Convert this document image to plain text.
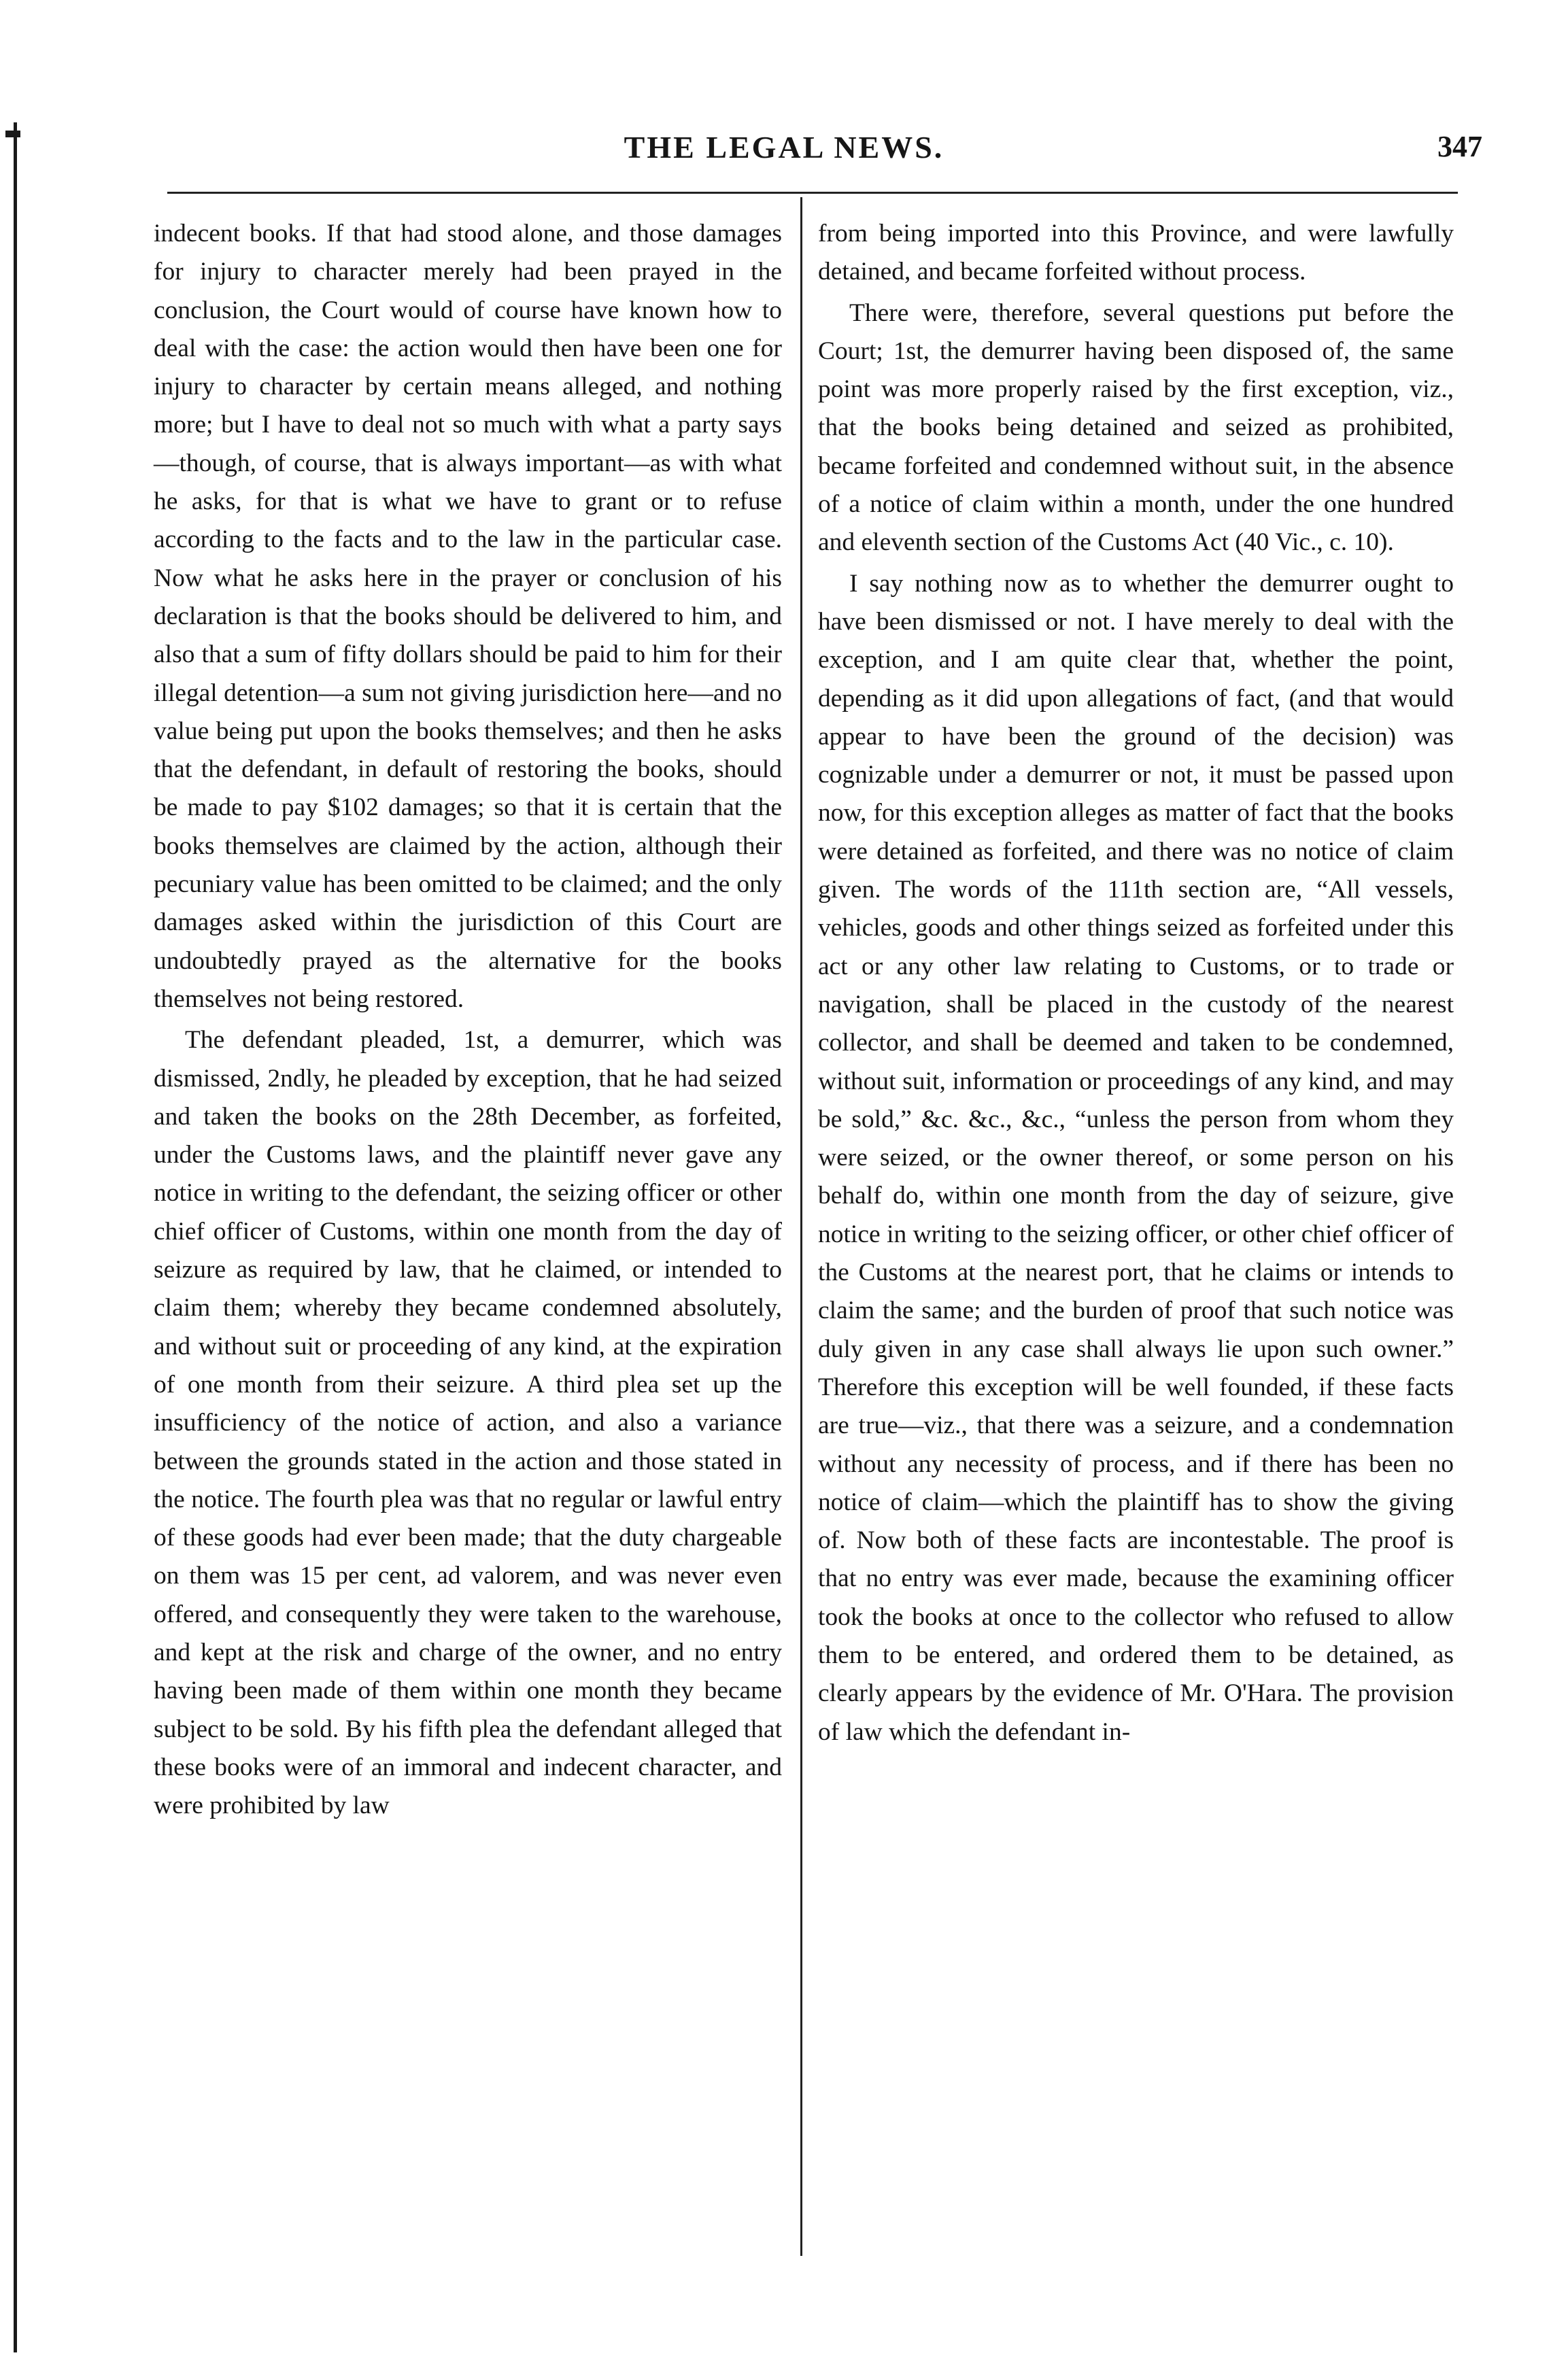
THE LEGAL NEWS.	347

indecent books. If that had stood alone, and those damages for injury to character merely had been prayed in the conclusion, the Court would of course have known how to deal with the case: the action would then have been one for injury to character by certain means alleged, and nothing more; but I have to deal not so much with what a party says—though, of course, that is always important—as with what he asks, for that is what we have to grant or to refuse according to the facts and to the law in the particular case. Now what he asks here in the prayer or conclusion of his declaration is that the books should be delivered to him, and also that a sum of fifty dollars should be paid to him for their illegal detention—a sum not giving jurisdiction here—and no value being put upon the books themselves; and then he asks that the defendant, in default of restoring the books, should be made to pay $102 damages; so that it is certain that the books themselves are claimed by the action, although their pecuniary value has been omitted to be claimed; and the only damages asked within the jurisdiction of this Court are undoubtedly prayed as the alternative for the books themselves not being restored.

The defendant pleaded, 1st, a demurrer, which was dismissed, 2ndly, he pleaded by exception, that he had seized and taken the books on the 28th December, as forfeited, under the Customs laws, and the plaintiff never gave any notice in writing to the defendant, the seizing officer or other chief officer of Customs, within one month from the day of seizure as required by law, that he claimed, or intended to claim them; whereby they became condemned absolutely, and without suit or proceeding of any kind, at the expiration of one month from their seizure. A third plea set up the insufficiency of the notice of action, and also a variance between the grounds stated in the action and those stated in the notice. The fourth plea was that no regular or lawful entry of these goods had ever been made; that the duty chargeable on them was 15 per cent, ad valorem, and was never even offered, and consequently they were taken to the warehouse, and kept at the risk and charge of the owner, and no entry having been made of them within one month they became subject to be sold. By his fifth plea the defendant alleged that these books were of an immoral and indecent character, and were prohibited by law

from being imported into this Province, and were lawfully detained, and became forfeited without process.

There were, therefore, several questions put before the Court; 1st, the demurrer having been disposed of, the same point was more properly raised by the first exception, viz., that the books being detained and seized as prohibited, became forfeited and condemned without suit, in the absence of a notice of claim within a month, under the one hundred and eleventh section of the Customs Act (40 Vic., c. 10).

I say nothing now as to whether the demurrer ought to have been dismissed or not. I have merely to deal with the exception, and I am quite clear that, whether the point, depending as it did upon allegations of fact, (and that would appear to have been the ground of the decision) was cognizable under a demurrer or not, it must be passed upon now, for this exception alleges as matter of fact that the books were detained as forfeited, and there was no notice of claim given. The words of the 111th section are, “All vessels, vehicles, goods and other things seized as forfeited under this act or any other law relating to Customs, or to trade or navigation, shall be placed in the custody of the nearest collector, and shall be deemed and taken to be condemned, without suit, information or proceedings of any kind, and may be sold,” &c. &c., &c., “unless the person from whom they were seized, or the owner thereof, or some person on his behalf do, within one month from the day of seizure, give notice in writing to the seizing officer, or other chief officer of the Customs at the nearest port, that he claims or intends to claim the same; and the burden of proof that such notice was duly given in any case shall always lie upon such owner.” Therefore this exception will be well founded, if these facts are true—viz., that there was a seizure, and a condemnation without any necessity of process, and if there has been no notice of claim—which the plaintiff has to show the giving of. Now both of these facts are incontestable. The proof is that no entry was ever made, because the examining officer took the books at once to the collector who refused to allow them to be entered, and ordered them to be detained, as clearly appears by the evidence of Mr. O'Hara. The provision of law which the defendant in-
